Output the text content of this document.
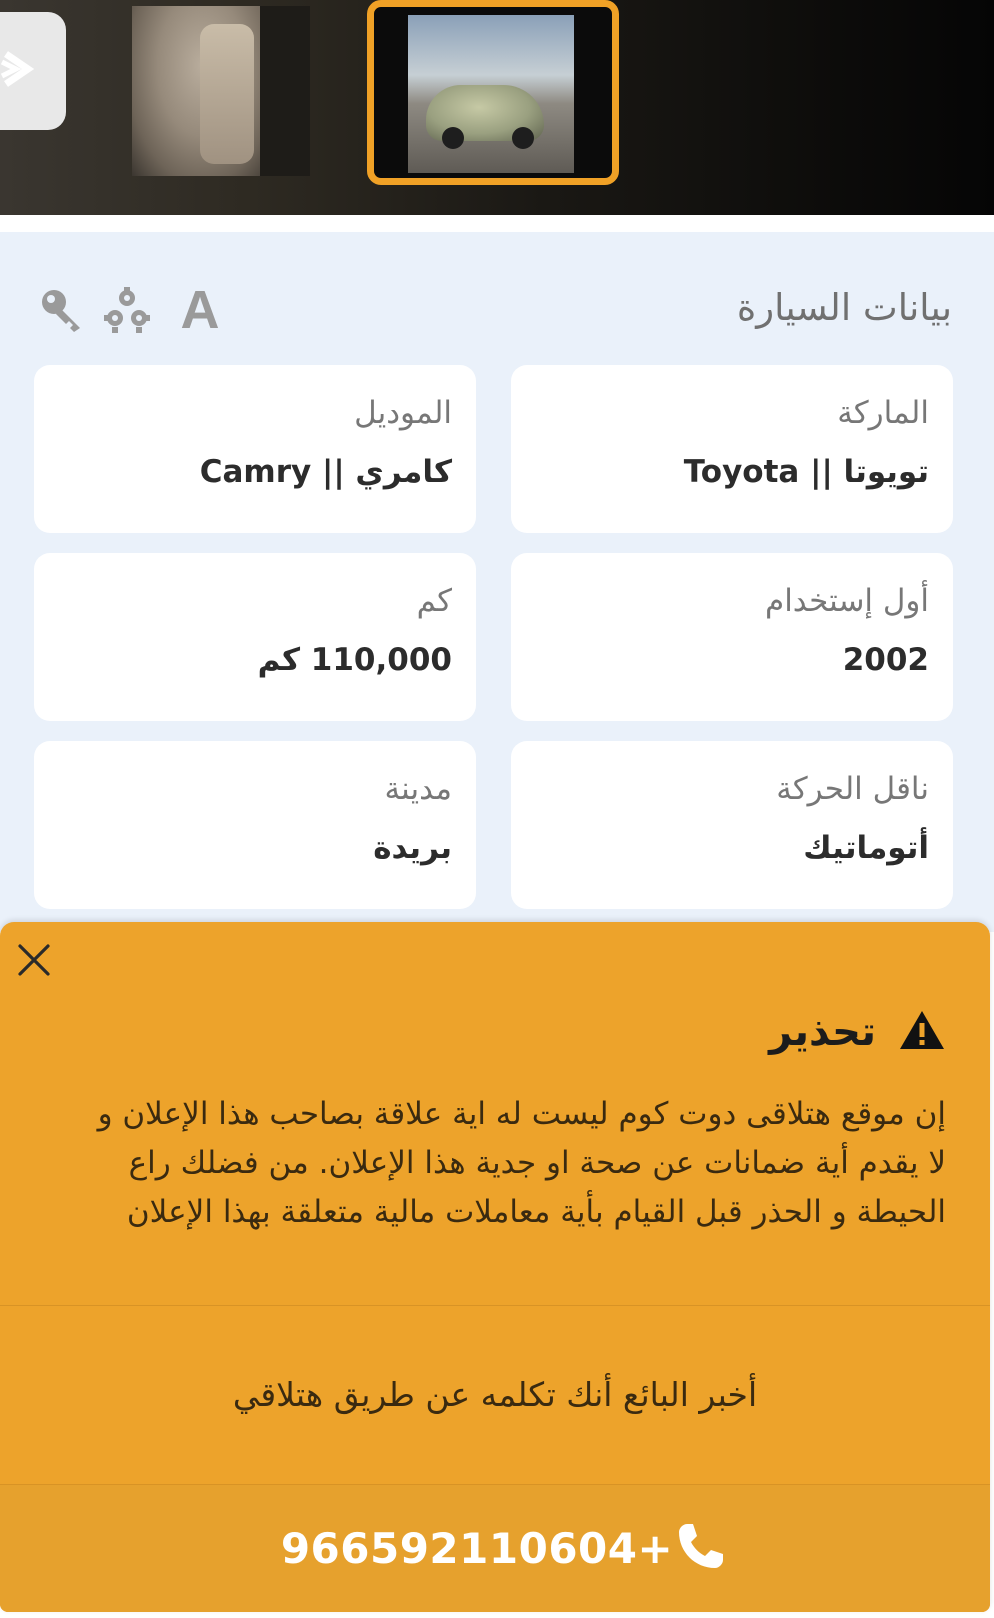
بيانات السيارة
A
الماركة
تويوتا || Toyota
الموديل
كامري || Camry
أول إستخدام
2002
كم
110,000 كم
ناقل الحركة
أتوماتيك
مدينة
بريدة
تحذير
إن موقع هتلاقى دوت كوم ليست له اية علاقة بصاحب هذا الإعلان و
لا يقدم أية ضمانات عن صحة او جدية هذا الإعلان. من فضلك راع
الحيطة و الحذر قبل القيام بأية معاملات مالية متعلقة بهذا الإعلان
أخبر البائع أنك تكلمه عن طريق هتلاقي
966592110604+
